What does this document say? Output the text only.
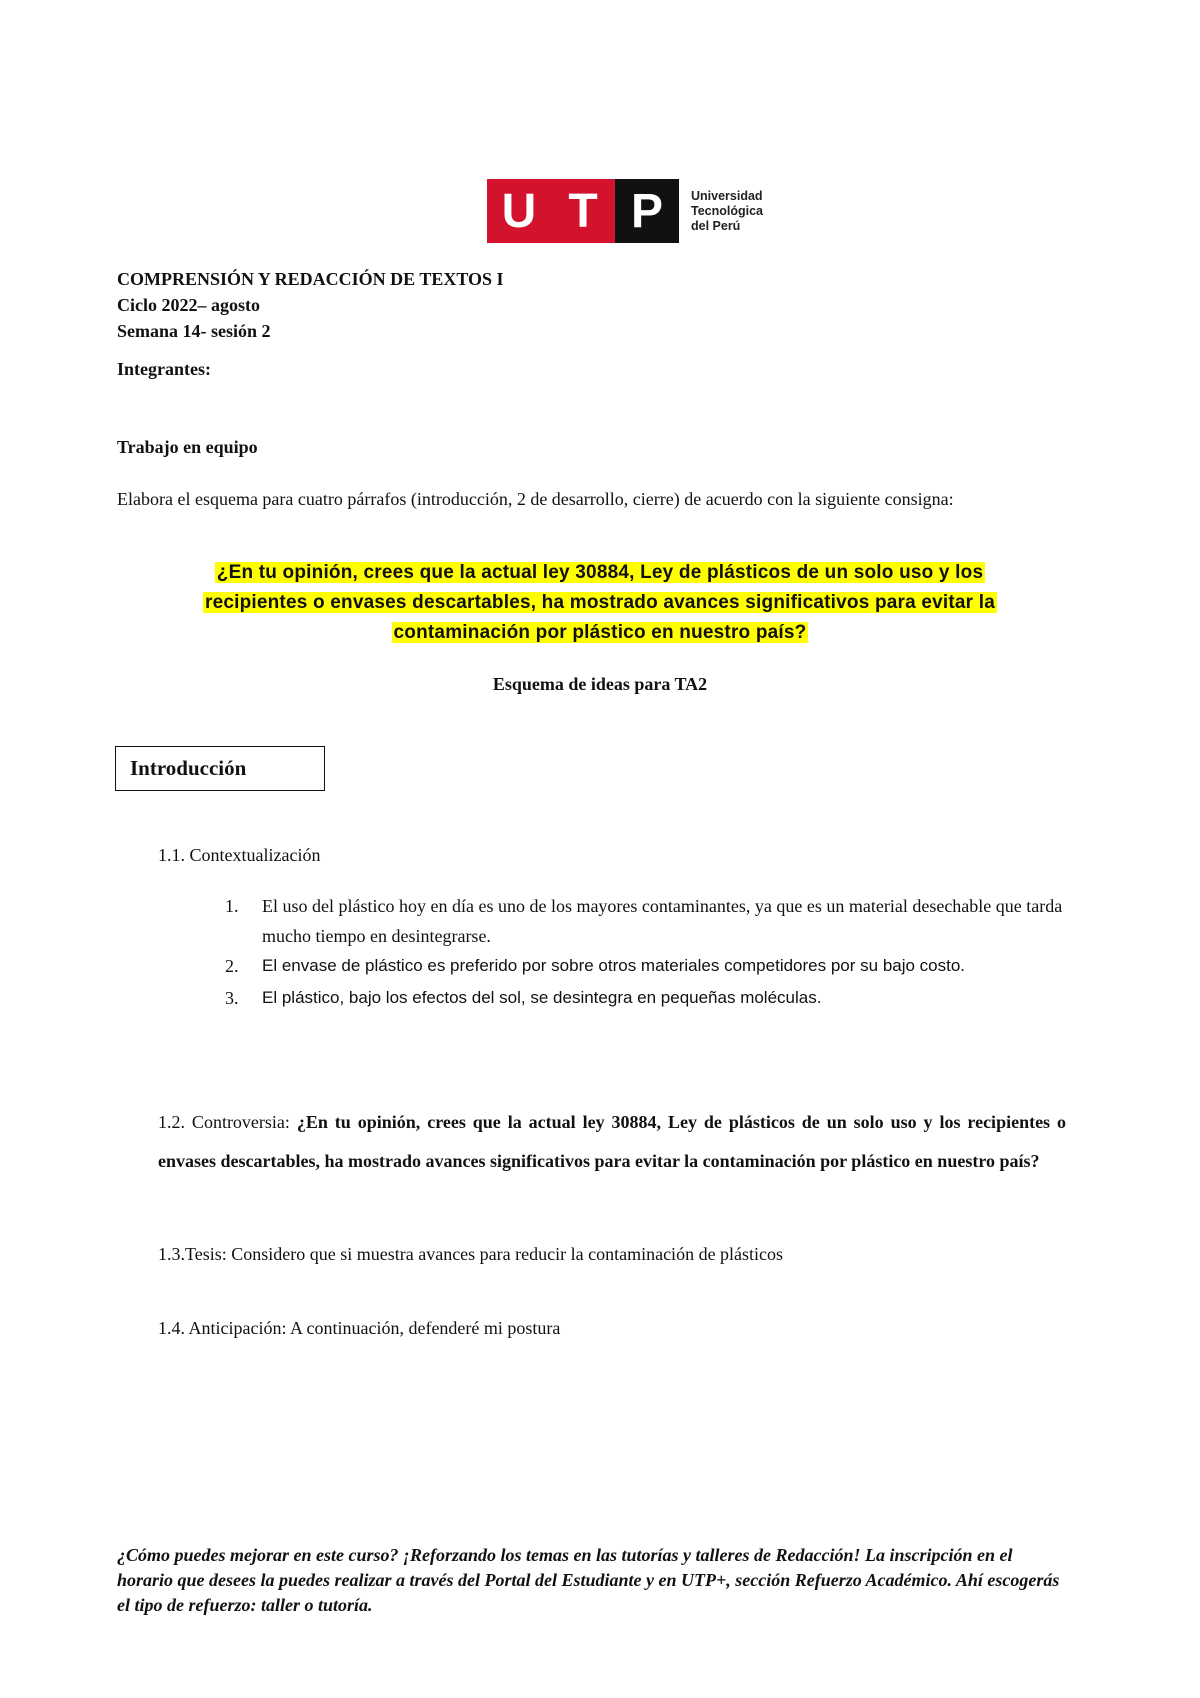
U T P	Universidad
Tecnológica
del Perú
COMPRENSIÓN Y REDACCIÓN DE TEXTOS I
Ciclo 2022– agosto
Semana 14- sesión 2
Integrantes:
Trabajo en equipo
Elabora el esquema para cuatro párrafos (introducción, 2 de desarrollo, cierre) de acuerdo con la siguiente consigna:
¿En tu opinión, crees que la actual ley 30884, Ley de plásticos de un solo uso y los
recipientes o envases descartables, ha mostrado avances significativos para evitar la
contaminación por plástico en nuestro país?
Esquema de ideas para TA2
Introducción
1.1. Contextualización
1.	El uso del plástico hoy en día es uno de los mayores contaminantes, ya que es un material desechable que tarda mucho tiempo en desintegrarse.
2.	El envase de plástico es preferido por sobre otros materiales competidores por su bajo costo.
3.	El plástico, bajo los efectos del sol, se desintegra en pequeñas moléculas.
1.2. Controversia: ¿En tu opinión, crees que la actual ley 30884, Ley de plásticos de un solo uso y los recipientes o envases descartables, ha mostrado avances significativos para evitar la contaminación por plástico en nuestro país?
1.3.Tesis: Considero que si muestra avances para reducir la contaminación de plásticos
1.4. Anticipación: A continuación, defenderé mi postura
¿Cómo puedes mejorar en este curso? ¡Reforzando los temas en las tutorías y talleres de Redacción! La inscripción en el horario que desees la puedes realizar a través del Portal del Estudiante y en UTP+, sección Refuerzo Académico. Ahí escogerás el tipo de refuerzo: taller o tutoría.
